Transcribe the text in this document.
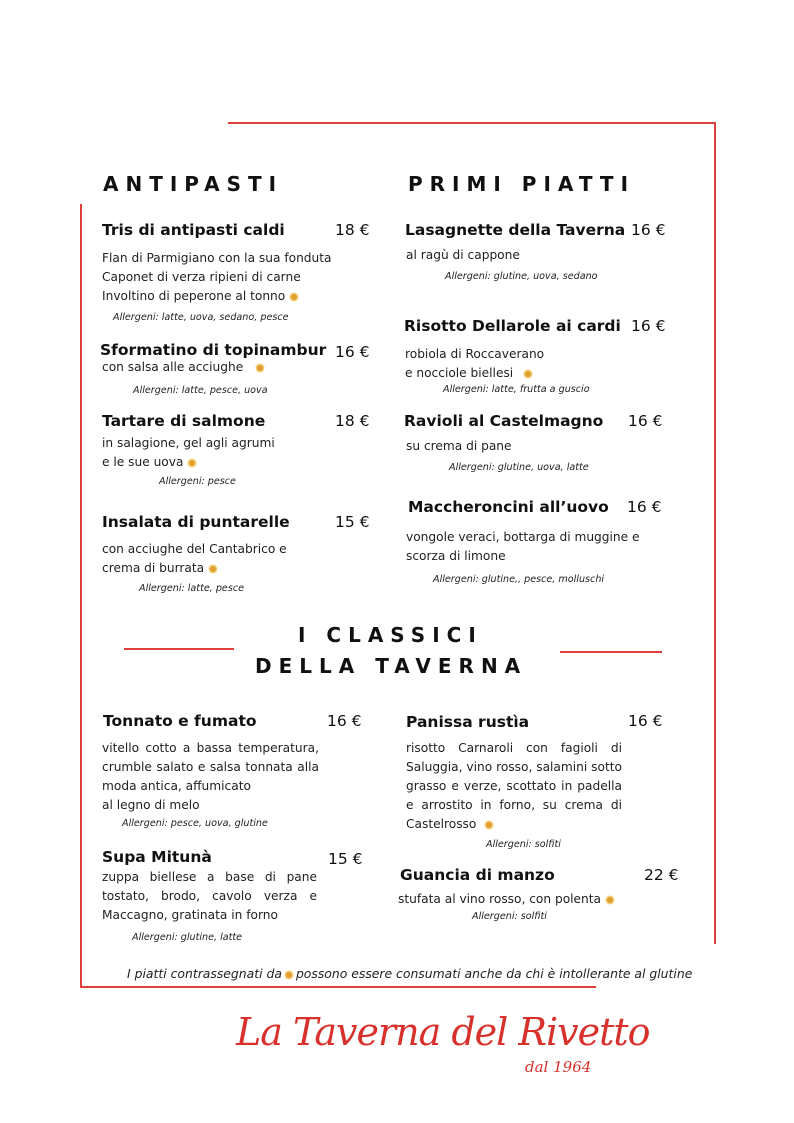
ANTIPASTI
Tris di antipasti caldi	18 €
Flan di Parmigiano con la sua fonduta
Caponet di verza ripieni di carne
Involtino di peperone al tonno
Allergeni: latte, uova, sedano, pesce
Sformatino di topinambur 16 €
con salsa alle acciughe
Allergeni: latte, pesce, uova
Tartare di salmone	18 €
in salagione, gel agli agrumi
e le sue uova
Allergeni: pesce
Insalata di puntarelle	15 €
con acciughe del Cantabrico e
crema di burrata
Allergeni: latte, pesce
PRIMI PIATTI
Lasagnette della Taverna 16 €
al ragù di cappone
Allergeni: glutine, uova, sedano
Risotto Dellarole ai cardi 16 €
robiola di Roccaverano
e nocciole biellesi
Allergeni: latte, frutta a guscio
Ravioli al Castelmagno 16 €
su crema di pane
Allergeni: glutine, uova, latte
Maccheroncini all’uovo 16 €
vongole veraci, bottarga di muggine e
scorza di limone
Allergeni: glutine,, pesce, molluschi
I CLASSICI
DELLA TAVERNA
Tonnato e fumato	16 €
vitello cotto a bassa temperatura, crumble salato e salsa tonnata alla moda antica, affumicato
al legno di melo
Allergeni: pesce, uova, glutine
Panissa rustìa	16 €
risotto Carnaroli con fagioli di Saluggia, vino rosso, salamini sotto grasso e verze, scottato in padella e arrostito in forno, su crema di Castelrosso
Allergeni: solfiti
Supa Mitunà	15 €
zuppa biellese a base di pane tostato, brodo, cavolo verza e Maccagno, gratinata in forno
Allergeni: glutine, latte
Guancia di manzo	22 €
stufata al vino rosso, con polenta
Allergeni: solfiti
I piatti contrassegnati da possono essere consumati anche da chi è intollerante al glutine
La Taverna del Rivetto
dal 1964
